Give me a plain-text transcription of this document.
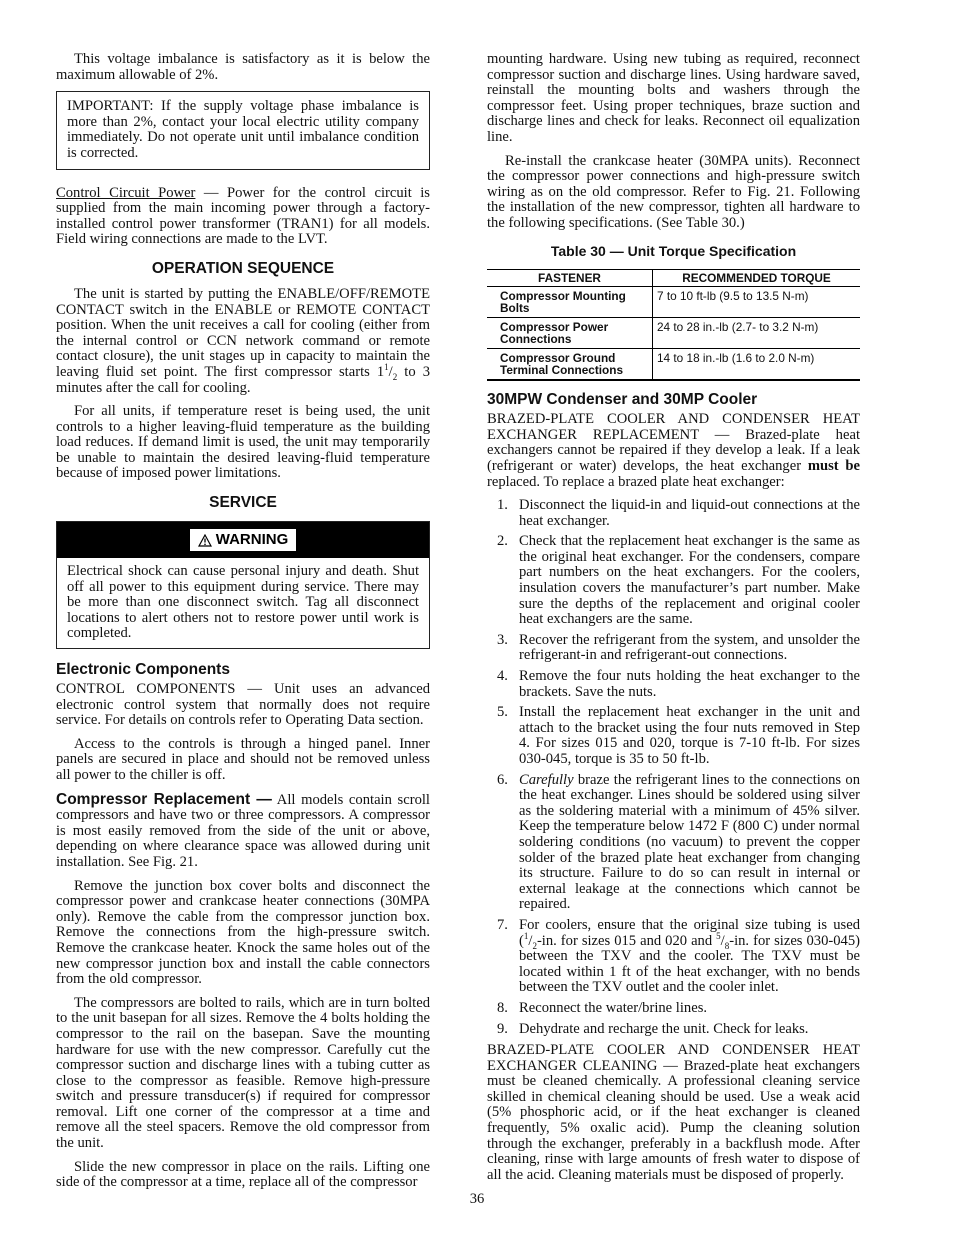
This voltage imbalance is satisfactory as it is below the maximum allowable of 2%.

IMPORTANT: If the supply voltage phase imbalance is more than 2%, contact your local electric utility company immediately. Do not operate unit until imbalance condition is corrected.

Control Circuit Power — Power for the control circuit is supplied from the main incoming power through a factory-installed control power transformer (TRAN1) for all models. Field wiring connections are made to the LVT.

OPERATION SEQUENCE

The unit is started by putting the ENABLE/OFF/REMOTE CONTACT switch in the ENABLE or REMOTE CONTACT position. When the unit receives a call for cooling (either from the internal control or CCN network command or remote contact closure), the unit stages up in capacity to maintain the leaving fluid set point. The first compressor starts $1^1/_2$ to 3 minutes after the call for cooling.

For all units, if temperature reset is being used, the unit controls to a higher leaving-fluid temperature as the building load reduces. If demand limit is used, the unit may temporarily be unable to maintain the desired leaving-fluid temperature because of imposed power limitations.

SERVICE
WARNING
Electrical shock can cause personal injury and death. Shut off all power to this equipment during service. There may be more than one disconnect switch. Tag all disconnect locations to alert others not to restore power until work is completed.
Electronic Components

CONTROL COMPONENTS — Unit uses an advanced electronic control system that normally does not require service. For details on controls refer to Operating Data section.

Access to the controls is through a hinged panel. Inner panels are secured in place and should not be removed unless all power to the chiller is off.

Compressor Replacement — All models contain scroll compressors and have two or three compressors. A compressor is most easily removed from the side of the unit or above, depending on where clearance space was allowed during unit installation. See Fig. 21.

Remove the junction box cover bolts and disconnect the compressor power and crankcase heater connections (30MPA only). Remove the cable from the compressor junction box. Remove the connections from the high-pressure switch. Remove the crankcase heater. Knock the same holes out of the new compressor junction box and install the cable connectors from the old compressor.

The compressors are bolted to rails, which are in turn bolted to the unit basepan for all sizes. Remove the 4 bolts holding the compressor to the rail on the basepan. Save the mounting hardware for use with the new compressor. Carefully cut the compressor suction and discharge lines with a tubing cutter as close to the compressor as feasible. Remove high-pressure switch and pressure transducer(s) if required for compressor removal. Lift one corner of the compressor at a time and remove all the steel spacers. Remove the old compressor from the unit.

Slide the new compressor in place on the rails. Lifting one side of the compressor at a time, replace all of the compressor

mounting hardware. Using new tubing as required, reconnect compressor suction and discharge lines. Using hardware saved, reinstall the mounting bolts and washers through the compressor feet. Using proper techniques, braze suction and discharge lines and check for leaks. Reconnect oil equalization line.

Re-install the crankcase heater (30MPA units). Reconnect the compressor power connections and high-pressure switch wiring as on the old compressor. Refer to Fig. 21. Following the installation of the new compressor, tighten all hardware to the following specifications. (See Table 30.)

Table 30 — Unit Torque Specification
FASTENER	RECOMMENDED TORQUE
Compressor Mounting Bolts	7 to 10 ft-lb (9.5 to 13.5 N-m)
Compressor Power Connections	24 to 28 in.-lb (2.7- to 3.2 N-m)
Compressor Ground Terminal Connections	14 to 18 in.-lb (1.6 to 2.0 N-m)
30MPW Condenser and 30MP Cooler

BRAZED-PLATE COOLER AND CONDENSER HEAT EXCHANGER REPLACEMENT — Brazed-plate heat exchangers cannot be repaired if they develop a leak. If a leak (refrigerant or water) develops, the heat exchanger must be replaced. To replace a brazed plate heat exchanger:

1. Disconnect the liquid-in and liquid-out connections at the heat exchanger.
2. Check that the replacement heat exchanger is the same as the original heat exchanger. For the condensers, compare part numbers on the heat exchangers. For the coolers, insulation covers the manufacturer’s part number. Make sure the depths of the replacement and original cooler heat exchangers are the same.
3. Recover the refrigerant from the system, and unsolder the refrigerant-in and refrigerant-out connections.
4. Remove the four nuts holding the heat exchanger to the brackets. Save the nuts.
5. Install the replacement heat exchanger in the unit and attach to the bracket using the four nuts removed in Step 4. For sizes 015 and 020, torque is 7-10 ft-lb. For sizes 030-045, torque is 35 to 50 ft-lb.
6. Carefully braze the refrigerant lines to the connections on the heat exchanger. Lines should be soldered using silver as the soldering material with a minimum of 45% silver. Keep the temperature below 1472 F (800 C) under normal soldering conditions (no vacuum) to prevent the copper solder of the brazed plate heat exchanger from changing its structure. Failure to do so can result in internal or external leakage at the connections which cannot be repaired.
7. For coolers, ensure that the original size tubing is used ($^1/_2-in$. for sizes 015 and 020 and $^5/_8-in$. for sizes 030-045) between the TXV and the cooler. The TXV must be located within 1 ft of the heat exchanger, with no bends between the TXV outlet and the cooler inlet.
8. Reconnect the water/brine lines.
9. Dehydrate and recharge the unit. Check for leaks.

BRAZED-PLATE COOLER AND CONDENSER HEAT EXCHANGER CLEANING — Brazed-plate heat exchangers must be cleaned chemically. A professional cleaning service skilled in chemical cleaning should be used. Use a weak acid (5% phosphoric acid, or if the heat exchanger is cleaned frequently, 5% oxalic acid). Pump the cleaning solution through the exchanger, preferably in a backflush mode. After cleaning, rinse with large amounts of fresh water to dispose of all the acid. Cleaning materials must be disposed of properly.

36
